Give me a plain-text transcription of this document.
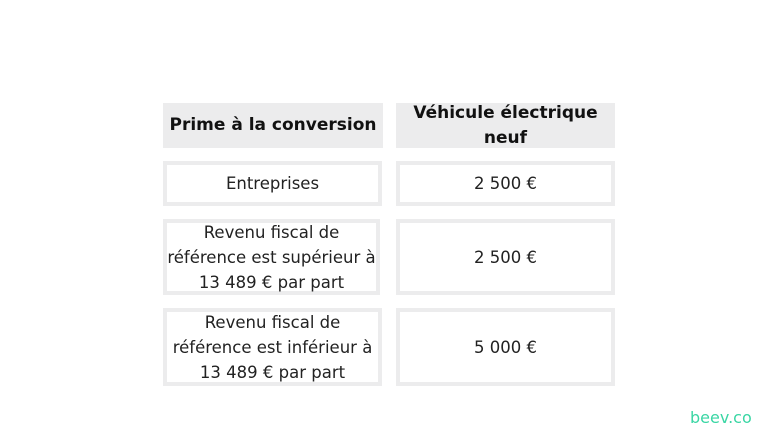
Prime à la conversion
Véhicule électrique neuf
Entreprises	2 500 €
Revenu fiscal de référence est supérieur à 13 489 € par part
2 500 €
Revenu fiscal de référence est inférieur à 13 489 € par part
5 000 €
beev.co
